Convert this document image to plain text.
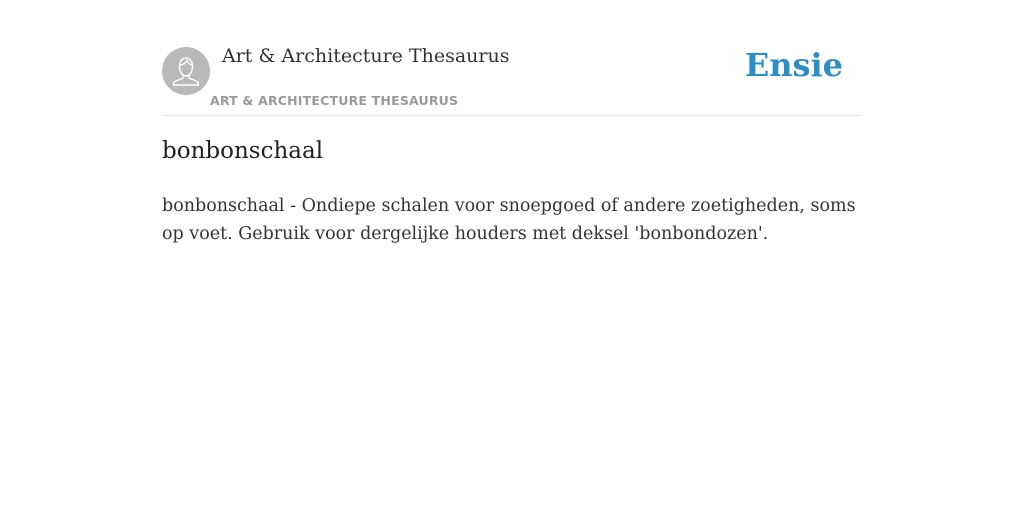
Art & Architecture Thesaurus
ART & ARCHITECTURE THESAURUS
Ensie
bonbonschaal

bonbonschaal - Ondiepe schalen voor snoepgoed of andere zoetigheden, soms op voet. Gebruik voor dergelijke houders met deksel 'bonbondozen'.
